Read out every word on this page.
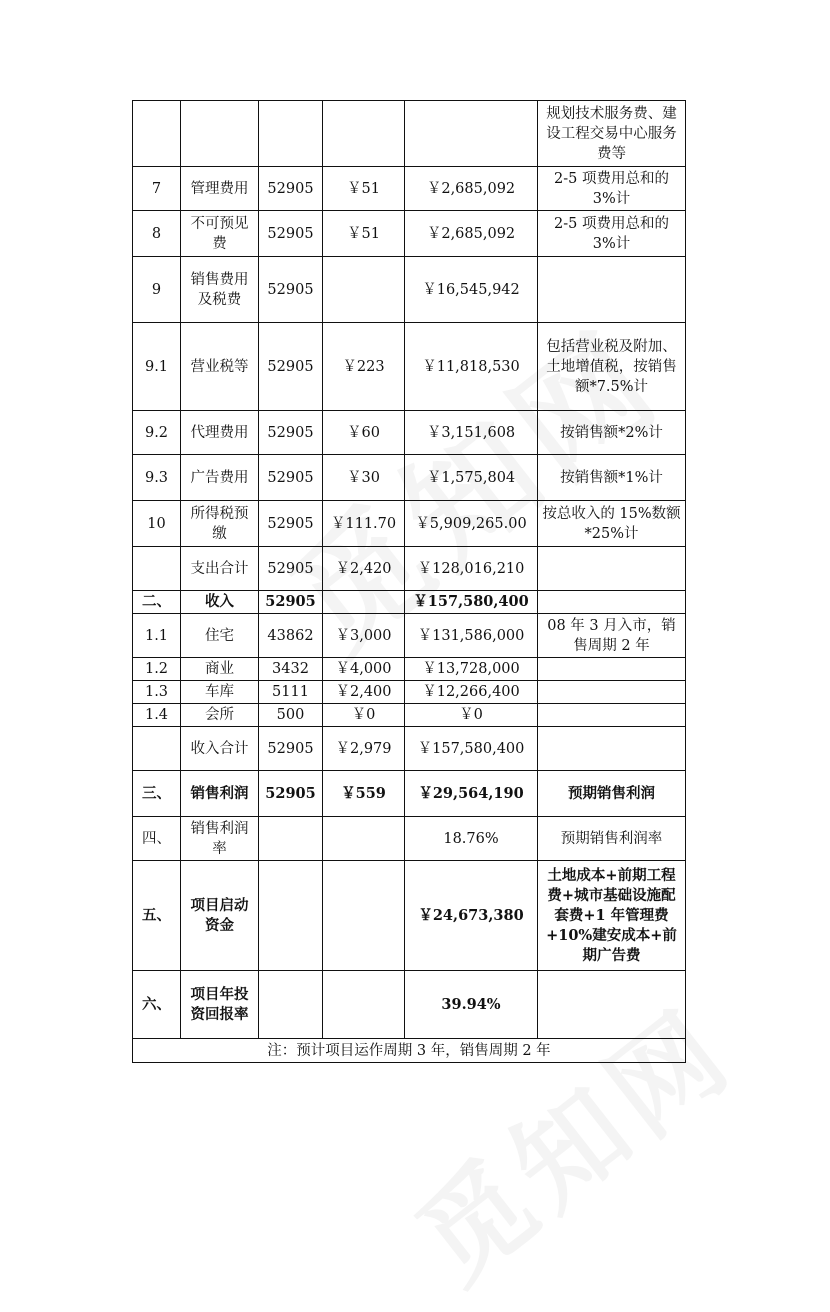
					规划技术服务费、建设工程交易中心服务费等
7	管理费用	52905	￥51	￥2,685,092	2-5 项费用总和的 3%计
8	不可预见费	52905	￥51	￥2,685,092	2-5 项费用总和的 3%计
9	销售费用及税费	52905		￥16,545,942	
9.1	营业税等	52905	￥223	￥11,818,530	包括营业税及附加、土地增值税，按销售额*7.5%计
9.2	代理费用	52905	￥60	￥3,151,608	按销售额*2%计
9.3	广告费用	52905	￥30	￥1,575,804	按销售额*1%计
10	所得税预缴	52905	￥111.70	￥5,909,265.00	按总收入的 15%数额*25%计
	支出合计	52905	￥2,420	￥128,016,210	
二、	收入	52905		￥157,580,400	
1.1	住宅	43862	￥3,000	￥131,586,000	08 年 3 月入市，销售周期 2 年
1.2	商业	3432	￥4,000	￥13,728,000	
1.3	车库	5111	￥2,400	￥12,266,400	
1.4	会所	500	￥0	￥0	
	收入合计	52905	￥2,979	￥157,580,400	
三、	销售利润	52905	￥559	￥29,564,190	预期销售利润
四、	销售利润率			18.76%	预期销售利润率
五、	项目启动资金			￥24,673,380	土地成本+前期工程费+城市基础设施配套费+1 年管理费+10%建安成本+前期广告费
六、	项目年投资回报率			39.94%	
注：预计项目运作周期 3 年，销售周期 2 年					
